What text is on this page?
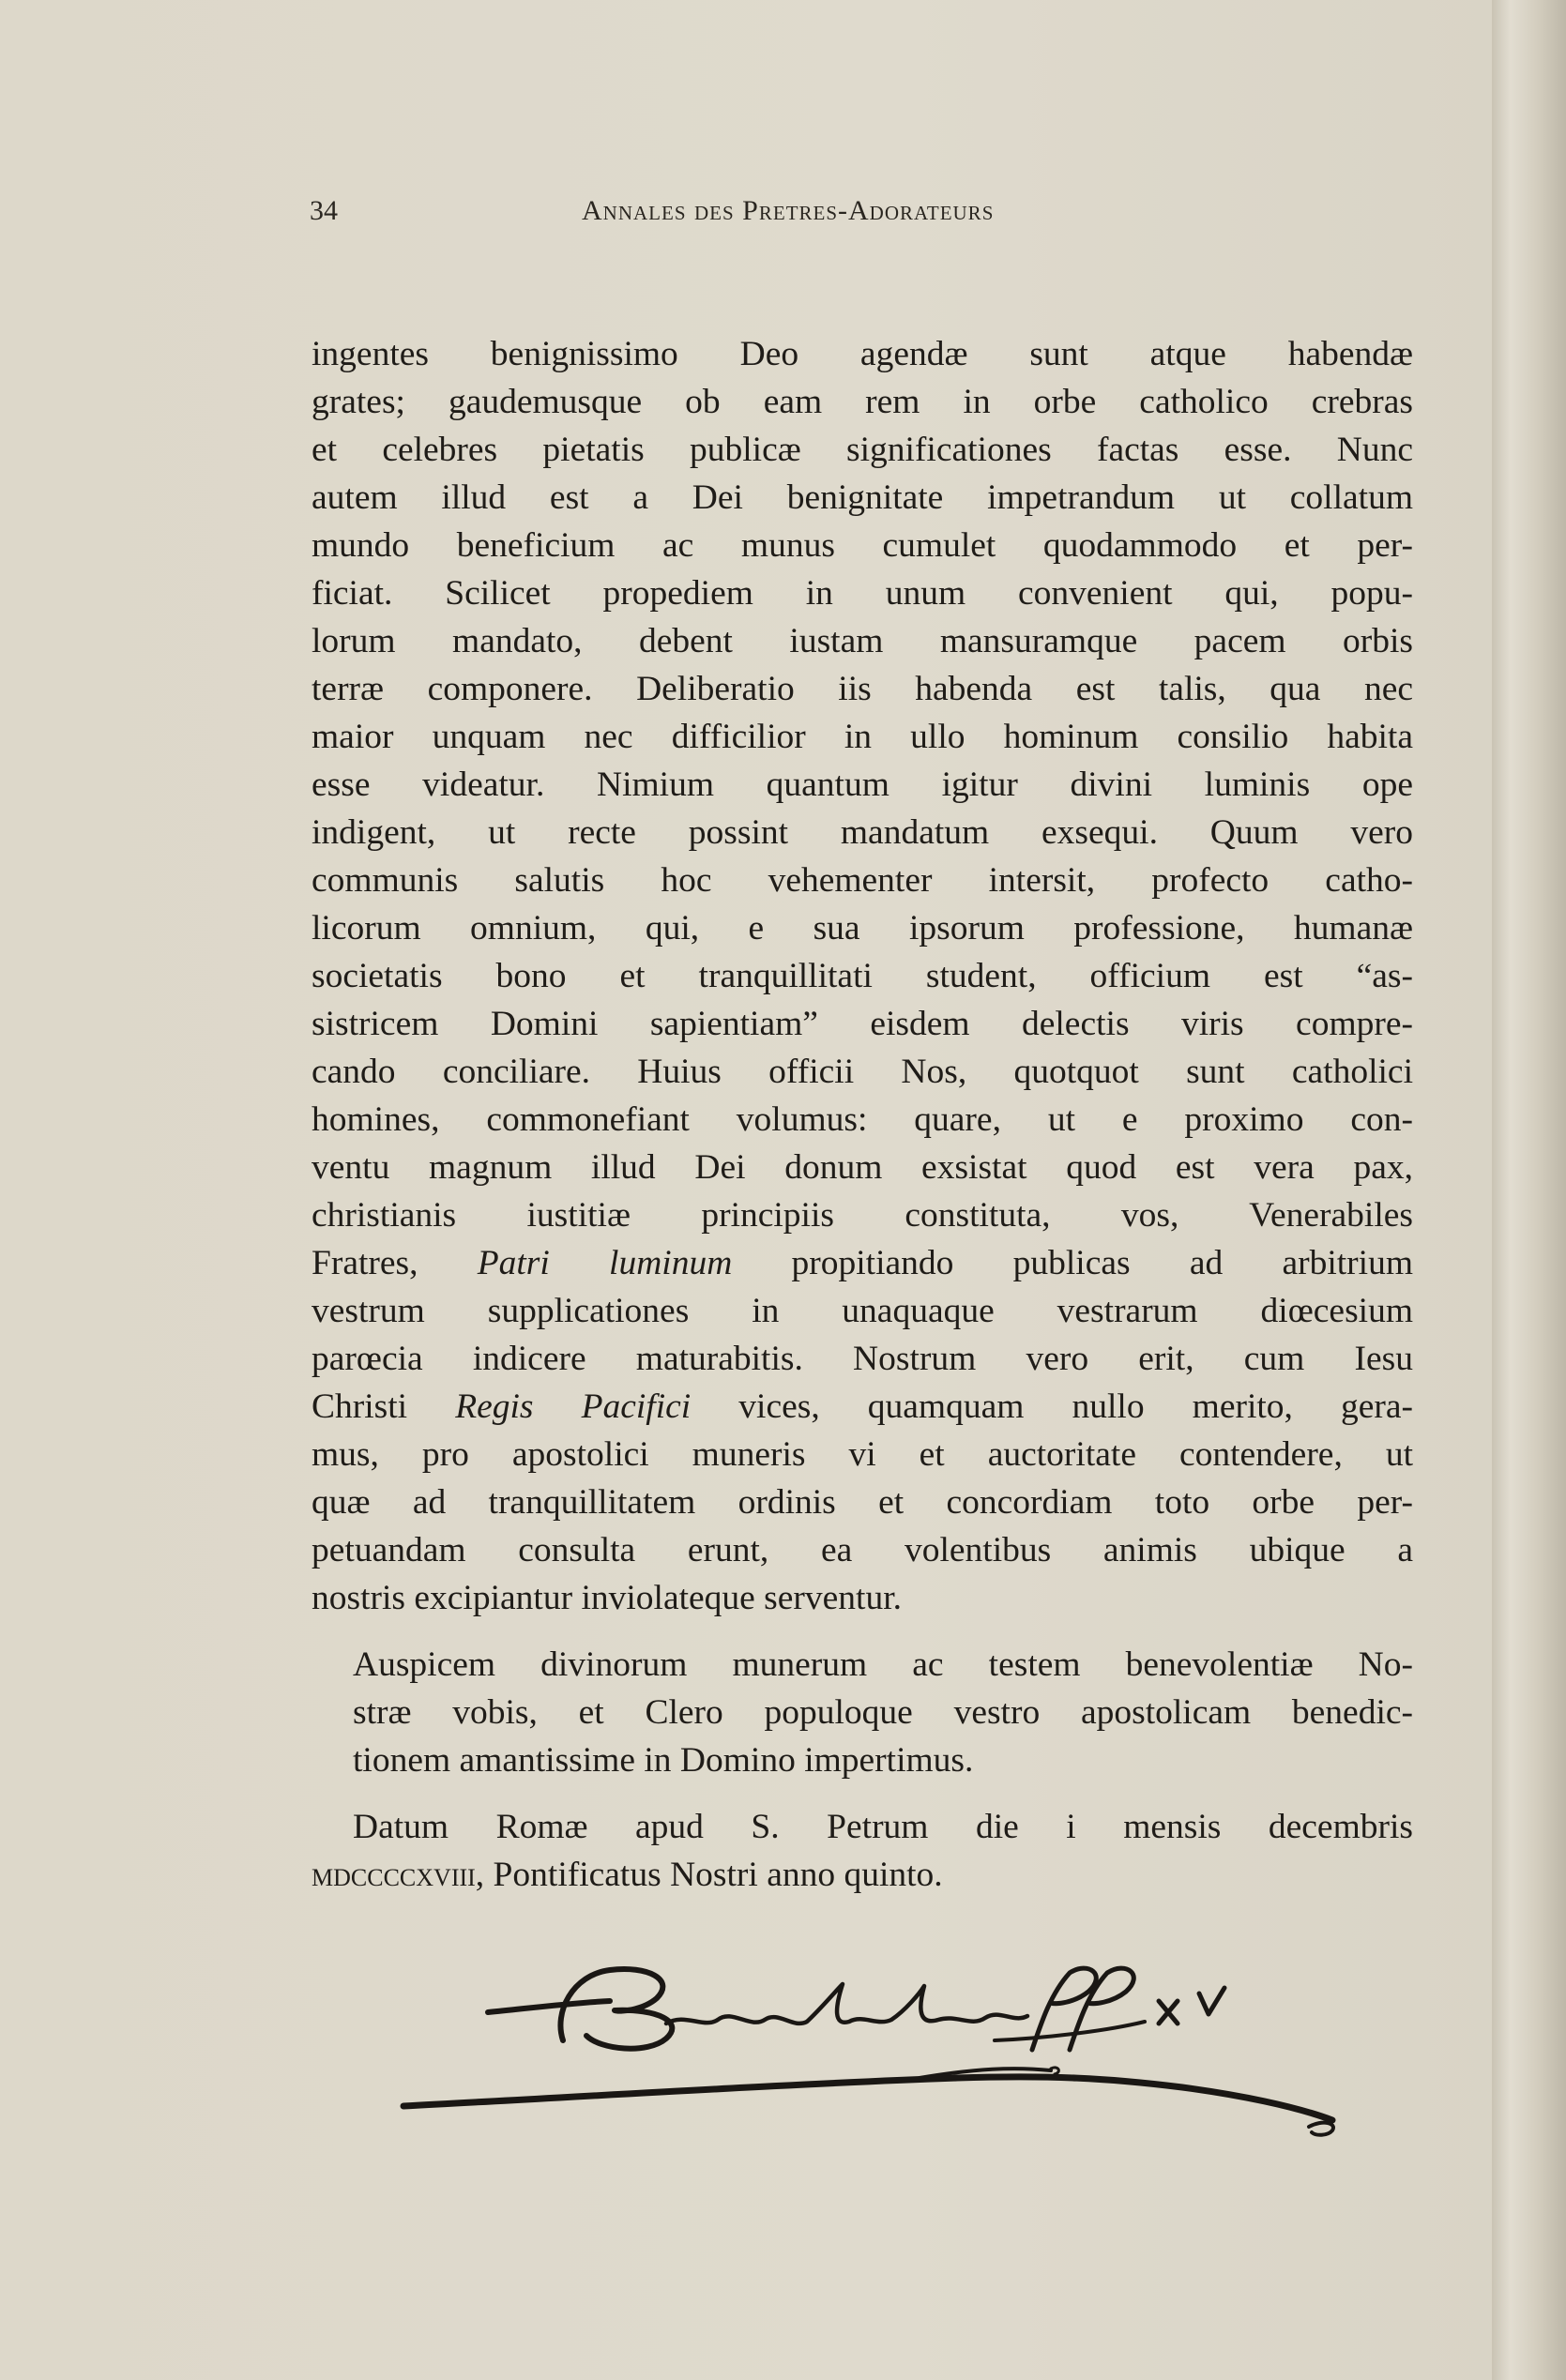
34	Annales des Pretres-Adorateurs

ingentes benignissimo Deo agendæ sunt atque habendæ
grates; gaudemusque ob eam rem in orbe catholico crebras
et celebres pietatis publicæ significationes factas esse. Nunc
autem illud est a Dei benignitate impetrandum ut collatum
mundo beneficium ac munus cumulet quodammodo et per-
ficiat. Scilicet propediem in unum convenient qui, popu-
lorum mandato, debent iustam mansuramque pacem orbis
terræ componere. Deliberatio iis habenda est talis, qua nec
maior unquam nec difficilior in ullo hominum consilio habita
esse videatur. Nimium quantum igitur divini luminis ope
indigent, ut recte possint mandatum exsequi. Quum vero
communis salutis hoc vehementer intersit, profecto catho-
licorum omnium, qui, e sua ipsorum professione, humanæ
societatis bono et tranquillitati student, officium est “as-
sistricem Domini sapientiam” eisdem delectis viris compre-
cando conciliare. Huius officii Nos, quotquot sunt catholici
homines, commonefiant volumus: quare, ut e proximo con-
ventu magnum illud Dei donum exsistat quod est vera pax,
christianis iustitiæ principiis constituta, vos, Venerabiles
Fratres, Patri luminum propitiando publicas ad arbitrium
vestrum supplicationes in unaquaque vestrarum diœcesium
parœcia indicere maturabitis. Nostrum vero erit, cum Iesu
Christi Regis Pacifici vices, quamquam nullo merito, gera-
mus, pro apostolici muneris vi et auctoritate contendere, ut
quæ ad tranquillitatem ordinis et concordiam toto orbe per-
petuandam consulta erunt, ea volentibus animis ubique a
nostris excipiantur inviolateque serventur.

Auspicem divinorum munerum ac testem benevolentiæ No-
stræ vobis, et Clero populoque vestro apostolicam benedic-
tionem amantissime in Domino impertimus.

Datum Romæ apud S. Petrum die i mensis decembris

mdccccxviii, Pontificatus Nostri anno quinto.
